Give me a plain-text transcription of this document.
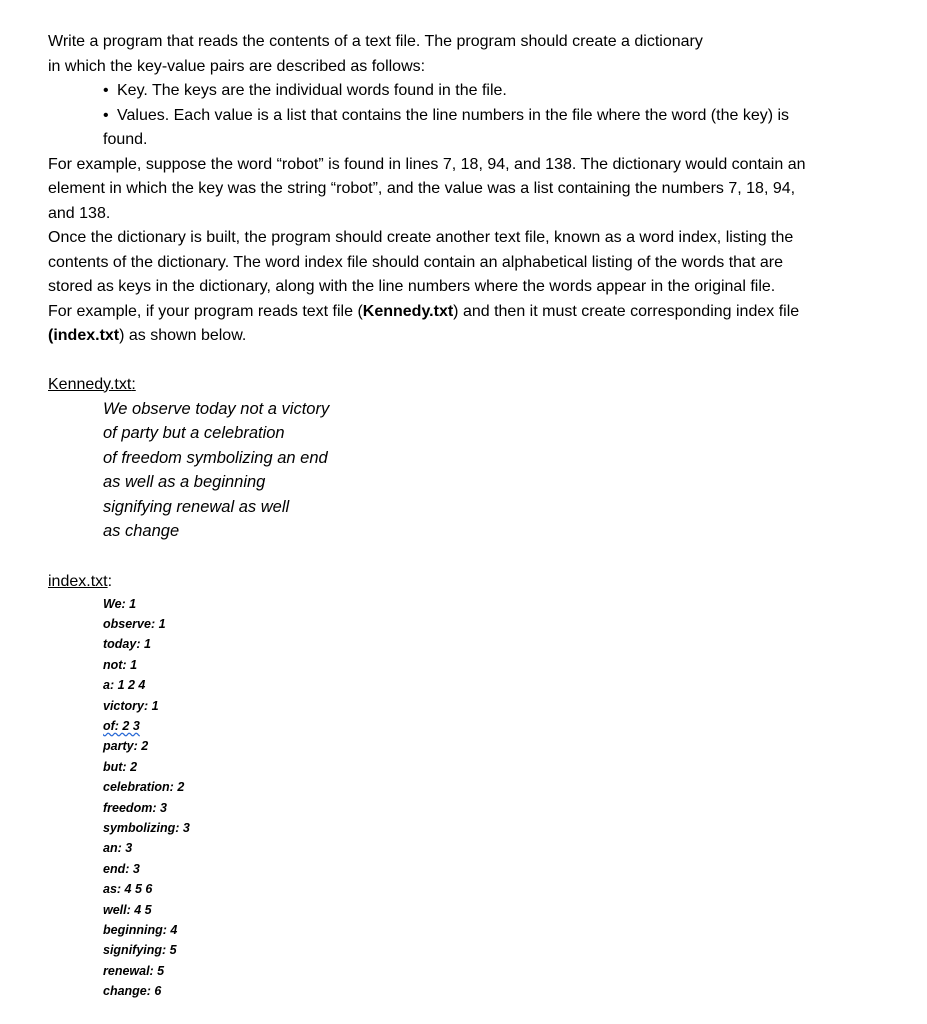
Write a program that reads the contents of a text file. The program should create a dictionary
in which the key-value pairs are described as follows:

• Key. The keys are the individual words found in the file.
• Values. Each value is a list that contains the line numbers in the file where the word (the key) is
found.

For example, suppose the word “robot” is found in lines 7, 18, 94, and 138. The dictionary would contain an
element in which the key was the string “robot”, and the value was a list containing the numbers 7, 18, 94,
and 138.

Once the dictionary is built, the program should create another text file, known as a word index, listing the
contents of the dictionary. The word index file should contain an alphabetical listing of the words that are
stored as keys in the dictionary, along with the line numbers where the words appear in the original file.
For example, if your program reads text file (Kennedy.txt) and then it must create corresponding index file
(index.txt) as shown below.

Kennedy.txt:

We observe today not a victory
of party but a celebration
of freedom symbolizing an end
as well as a beginning
signifying renewal as well
as change

index.txt:

We: 1
observe: 1
today: 1
not: 1
a: 1 2 4
victory: 1
of: 2 3
party: 2
but: 2
celebration: 2
freedom: 3
symbolizing: 3
an: 3
end: 3
as: 4 5 6
well: 4 5
beginning: 4
signifying: 5
renewal: 5
change: 6
